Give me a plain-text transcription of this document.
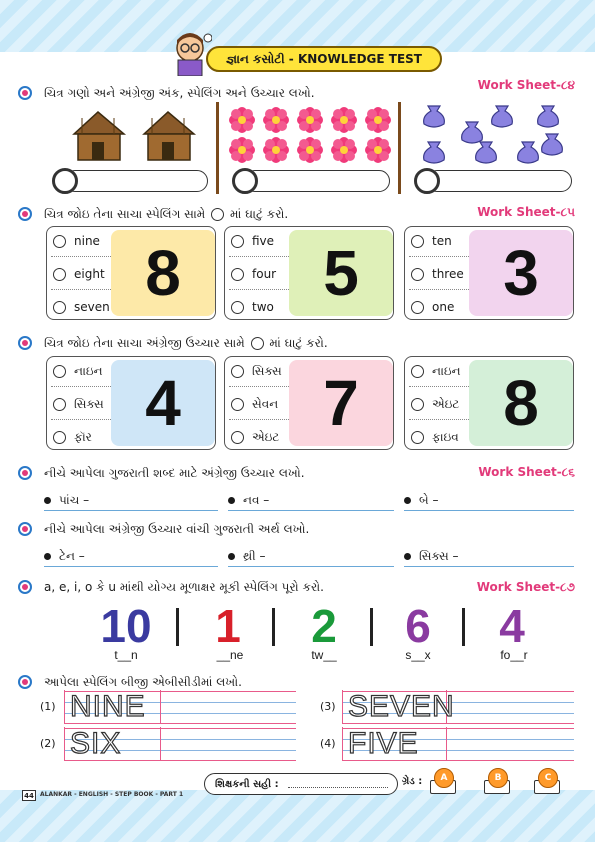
જ્ઞાન કસોટી - KNOWLEDGE TEST
ચિત્ર ગણો અને અંગ્રેજી અંક, સ્પેલિંગ અને ઉચ્ચાર લખો.
Work Sheet-૮૪
ચિત્ર જોઇ તેના સાચા સ્પેલિંગ સામે માં ઘાટું કરો.	Work Sheet-૮૫
nine
eight
seven 8	five
four
two 5	ten
three
one 3
ચિત્ર જોઇ તેના સાચા અંગ્રેજી ઉચ્ચાર સામે માં ઘાટું કરો.
નાઇન
સિક્સ
ફૉર 4	સિક્સ
સેવન
એઇટ 7	નાઇન
એઇટ
ફાઇવ 8
નીચે આપેલા ગુજરાતી શબ્દ માટે અંગ્રેજી ઉચ્ચાર લખો.	Work Sheet-૮૬
પાંચ –	નવ –	બે –
નીચે આપેલા અંગ્રેજી ઉચ્ચાર વાંચી ગુજરાતી અર્થ લખો.
ટેન –	થ્રી –	સિક્સ –
a, e, i, o કે u માંથી યોગ્ય મૂળાક્ષર મૂકી સ્પેલિંગ પૂરો કરો.	Work Sheet-૮૭
10	1	2	6	4
t__n	__ne	tw__	s__x	fo__r
આપેલા સ્પેલિંગ બીજી એબીસીડીમાં લખો.
(1) NINE	(3) SEVEN
(2) SIX	(4) FIVE
44	ALANKAR - ENGLISH - STEP BOOK - PART 1
શિક્ષકની સહી :	ગ્રેડ :	A	B	C
